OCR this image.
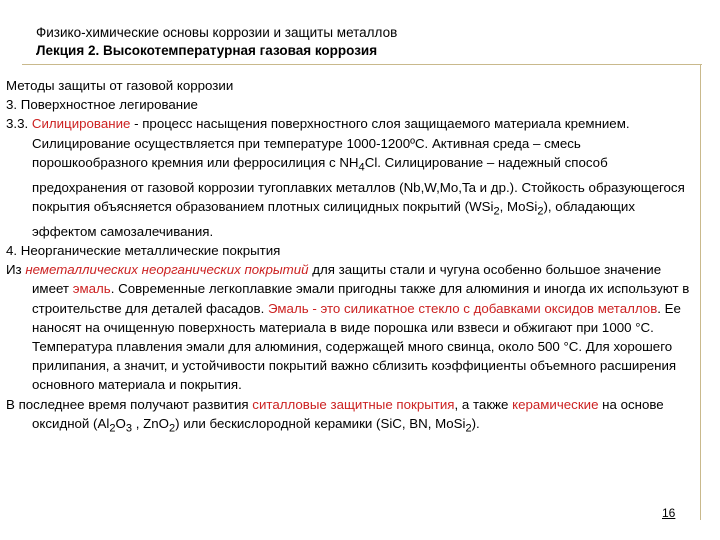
Физико-химические основы коррозии и защиты металлов
Лекция 2. Высокотемпературная газовая коррозия

Методы защиты от газовой коррозии

3. Поверхностное легирование

3.3. Силицирование - процесс насыщения поверхностного слоя защищаемого материала кремнием. Силицирование осуществляется при температуре 1000-1200ºС. Активная среда – смесь порошкообразного кремния или ферросилиция с $NH_4Cl$. Силицирование – надежный способ предохранения от газовой коррозии тугоплавких металлов (Nb,W,Mo,Ta и др.). Стойкость образующегося покрытия объясняется образованием плотных силицидных покрытий (WSi$_2$, MoSi$_2$), обладающих эффектом самозалечивания.

4. Неорганические металлические покрытия

Из неметаллических неорганических покрытий для защиты стали и чугуна особенно большое значение имеет эмаль. Современные легкоплавкие эмали пригодны также для алюминия и иногда их используют в строительстве для деталей фасадов. Эмаль - это силикатное стекло с добавками оксидов металлов. Ее наносят на очищенную поверхность материала в виде порошка или взвеси и обжигают при 1000 °С. Температура плавления эмали для алюминия, содержащей много свинца, около 500 °С. Для хорошего прилипания, а значит, и устойчивости покрытий важно сблизить коэффициенты объемного расширения основного материала и покрытия.

В последнее время получают развития ситалловые защитные покрытия, а также керамические на основе оксидной ($Al_2O_3$ , ZnO$_2$) или бескислородной керамики (SiC, BN, MoSi$_2$).

16
